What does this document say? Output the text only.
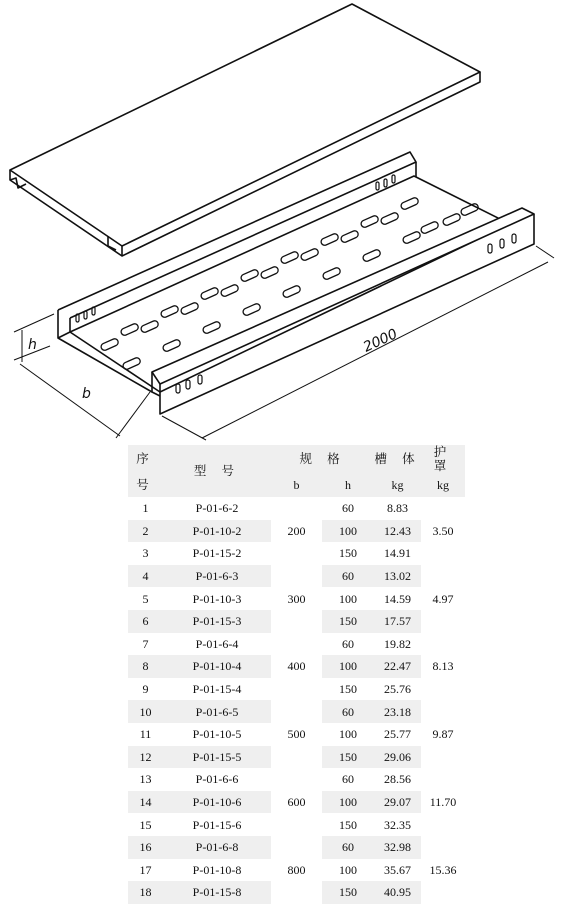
h
b
2000
序	型 号	规 格		槽 体	护 罩
号		b	h	kg	kg
1	P-01-6-2	200	60	8.83	3.50
2	P-01-10-2		100	12.43	
3	P-01-15-2		150	14.91	
4	P-01-6-3	300	60	13.02	4.97
5	P-01-10-3		100	14.59	
6	P-01-15-3		150	17.57	
7	P-01-6-4	400	60	19.82	8.13
8	P-01-10-4		100	22.47	
9	P-01-15-4		150	25.76	
10	P-01-6-5	500	60	23.18	9.87
11	P-01-10-5		100	25.77	
12	P-01-15-5		150	29.06	
13	P-01-6-6	600	60	28.56	11.70
14	P-01-10-6		100	29.07	
15	P-01-15-6		150	32.35	
16	P-01-6-8	800	60	32.98	15.36
17	P-01-10-8		100	35.67	
18	P-01-15-8		150	40.95	
